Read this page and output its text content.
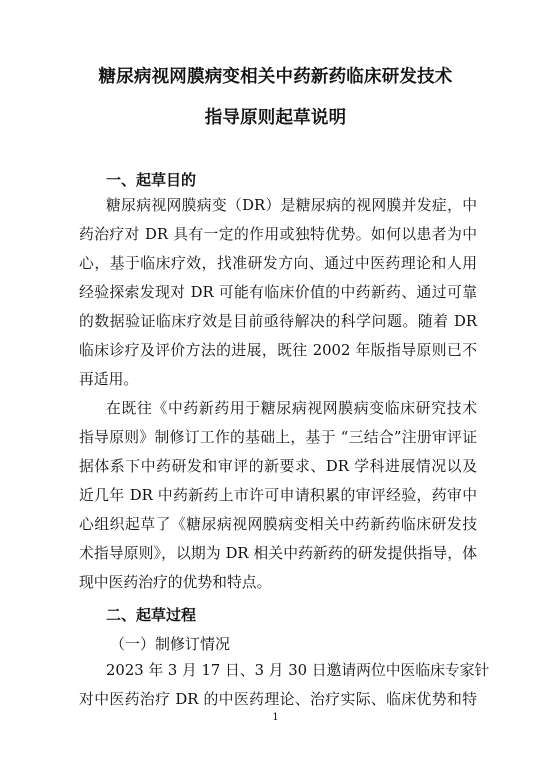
糖尿病视网膜病变相关中药新药临床研发技术
指导原则起草说明
一、起草目的
糖尿病视网膜病变（DR）是糖尿病的视网膜并发症，中
药治疗对 DR 具有一定的作用或独特优势。如何以患者为中
心，基于临床疗效，找准研发方向、通过中医药理论和人用
经验探索发现对 DR 可能有临床价值的中药新药、通过可靠
的数据验证临床疗效是目前亟待解决的科学问题。随着 DR
临床诊疗及评价方法的进展，既往 2002 年版指导原则已不
再适用。
在既往《中药新药用于糖尿病视网膜病变临床研究技术
指导原则》制修订工作的基础上，基于 “三结合”注册审评证
据体系下中药研发和审评的新要求、DR 学科进展情况以及
近几年 DR 中药新药上市许可申请积累的审评经验，药审中
心组织起草了《糖尿病视网膜病变相关中药新药临床研发技
术指导原则》，以期为 DR 相关中药新药的研发提供指导，体
现中医药治疗的优势和特点。
二、起草过程
（一）制修订情况
2023 年 3 月 17 日、3 月 30 日邀请两位中医临床专家针
对中医药治疗 DR 的中医药理论、治疗实际、临床优势和特
1
